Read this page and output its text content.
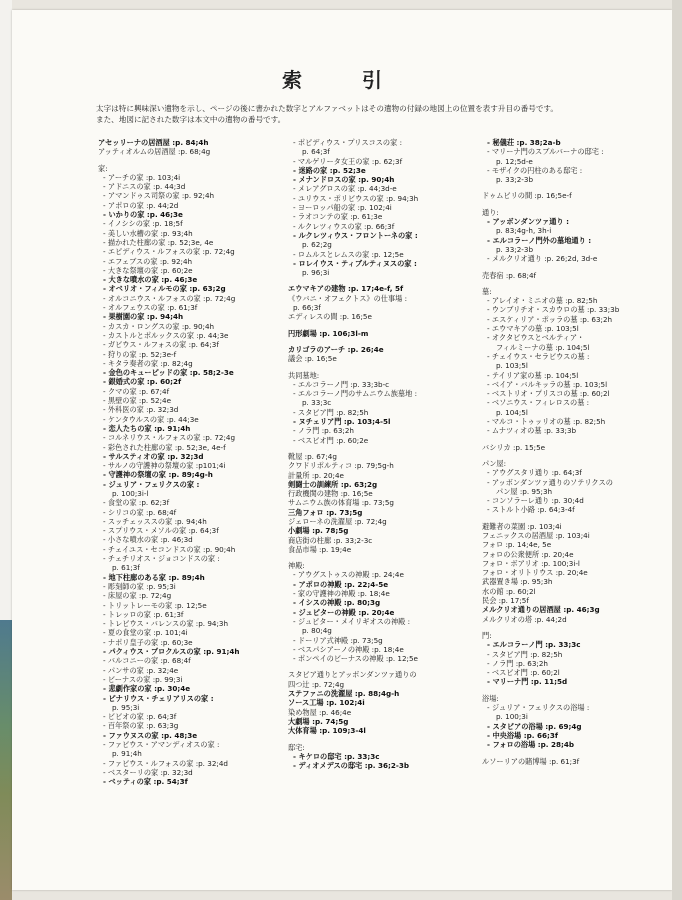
索　引

太字は特に興味深い遺物を示し、ページの後に書かれた数字とアルファベットはその遺物の付録の地図上の位置を表す升目の番号です。

また、地図に記された数字は本文中の遺物の番号です。

アセッリーナの居酒屋 :p. 84;4h
アッティオルムの居酒屋 :p. 68;4g
家:
- アーチの家 :p. 103;4i
- アドニスの家 :p. 44;3d
- アマンドゥス司祭の家 :p. 92;4h
- アポロの家 :p. 44;2d
- いかりの家 :p. 46;3e
- イノシシの家 :p. 18;5f
- 美しい水槽の家 :p. 93;4h
- 描かれた柱廊の家 :p. 52;3e, 4e
- エピディウス・ルフォスの家 :p. 72;4g
- エフェブスの家 :p. 92;4h
- 大きな祭壇の家 :p. 60;2e
- 大きな噴水の家 :p. 46;3e
- オベリオ・フィルモの家 :p. 63;2g
- オルコニウス・ルフォスの家 :p. 72;4g
- オルフェウスの家 :p. 61;3f
- 果樹園の家 :p. 94;4h
- カスカ・ロングスの家 :p. 90;4h
- カストルとポルックスの家 :p. 44;3e
- ガビウス・ルフォスの家 :p. 64;3f
- 狩りの家 :p. 52;3e-f
- キタラ奏者の家 :p. 82;4g
- 金色のキューピッドの家 :p. 58;2-3e
- 銀婚式の家 :p. 60;2f
- クマの家 :p. 67;4f
- 黒壁の家 :p. 52;4e
- 外科医の家 :p. 32;3d
- ケンタウルスの家 :p. 44;3e
- 恋人たちの家 :p. 91;4h
- コルネリウス・ルフォスの家 :p. 72;4g
- 彩色された柱廊の家 :p. 52;3e, 4e-f
- サルスティオの家 :p. 32;3d
- サルノの守護神の祭壇の家 :p101;4i
- 守護神の祭壇の家 :p. 89;4g-h
- ジュリア・フェリクスの家 :
p. 100;3i-l
- 食堂の家 :p. 62;3f
- シリコの家 :p. 68;4f
- スッチェッススの家 :p. 94;4h
- スプリウス・メソルの家 :p. 64;3f
- 小さな噴水の家 :p. 46;3d
- チェイユス・セコンドスの家 :p. 90;4h
- チェチリオス・ジョコンドスの家 :
p. 61;3f
- 地下柱廊のある家 :p. 89;4h
- 彫刻師の家 :p. 95;3i
- 床屋の家 :p. 72;4g
- トリットレーモの家 :p. 12;5e
- トレッロの家 :p. 61;3f
- トレビウス・バレンスの家 :p. 94;3h
- 夏の食堂の家 :p. 101;4i
- ナポリ皇子の家 :p. 60;3e
- パクィウス・プロクルスの家 :p. 91;4h
- バルコニーの家 :p. 68;4f
- パンサの家 :p. 32;4e
- ビーナスの家 :p. 99;3i
- 悲劇作家の家 :p. 30;4e
- ピナリウス・チェリアリスの家 :
p. 95;3i
- ビビオの家 :p. 64;3f
- 百年祭の家 :p. 63;3g
- ファウヌスの家 :p. 48;3e
- ファビウス・アマンディオスの家 :
p. 91;4h
- ファビウス・ルフォスの家 :p. 32;4d
- ベスターリの家 :p. 32;3d
- ベッティの家 :p. 54;3f
- ポピディウス・プリスコスの家 :
p. 64;3f
- マルゲリータ女王の家 :p. 62;3f
- 迷路の家 :p. 52;3e
- メナンドロスの家 :p. 90;4h
- メレアグロスの家 :p. 44;3d-e
- ユリウス・ポリビウスの家 :p. 94;3h
- ヨーロッパ船の家 :p. 102;4i
- ラオコンテの家 :p. 61;3e
- ルクレツィウスの家 :p. 66;3f
- ルクレツィウス・フロントーネの家 :
p. 62;2g
- ロムルスとレムスの家 :p. 12;5e
- ロレイウス・ティブルティヌスの家 :
p. 96;3i
エウマキアの建物 :p. 17;4e-f, 5f
《ウバニ・オフェクトス》の仕事場 :
p. 66;3f
エディレスの間 :p. 16;5e
円形劇場 :p. 106;3l-m
カリゴラのアーチ :p. 26;4e
議会 :p. 16;5e
共同墓地:
- エルコラーノ門 :p. 33;3b-c
- エルコラーノ門のサムニウム族墓地 :
p. 33;3c
- スタビア門 :p. 82;5h
- ヌチェリア門 :p. 103;4-5l
- ノラ門 :p. 63;2h
- ベスビオ門 :p. 60;2e
靴屋 :p. 67;4g
クワドリポルティコ :p. 79;5g-h
計量所 :p. 20;4e
剣闘士の訓練所 :p. 63;2g
行政機関の建物 :p. 16;5e
サムニウム族の体育場 :p. 73;5g
三角フォロ :p. 73;5g
ジェローネの洗濯屋 :p. 72;4g
小劇場 :p. 78;5g
商店街の柱廊 :p. 33;2-3c
食品市場 :p. 19;4e
神殿:
- アウグストゥスの神殿 :p. 24;4e
- アポロの神殿 :p. 22;4-5e
- 家の守護神の神殿 :p. 18;4e
- イシスの神殿 :p. 80;3g
- ジュピターの神殿 :p. 20;4e
- ジュピター・メイリギオスの神殿 :
p. 80;4g
- ドーリア式神殿 :p. 73;5g
- ベスパシアーノの神殿 :p. 18;4e
- ポンペイのビーナスの神殿 :p. 12;5e
スタビア通りとアッボンダンツァ通りの
四つ辻 :p. 72;4g
ステファニの洗濯屋 :p. 88;4g-h
ソース工場 :p. 102;4i
染め物屋 :p. 46;4e
大劇場 :p. 74;5g
大体育場 :p. 109;3-4l
邸宅:
- キケロの邸宅 :p. 33;3c
- ディオメデスの邸宅 :p. 36;2-3b
- 秘儀荘 :p. 38;2a-b
- マリーナ門のスブルバーナの邸宅 :
p. 12;5d-e
- モザイクの円柱のある邸宅 :
p. 33;2-3b
ドゥムビリの間 :p. 16;5e-f
通り:
- アッボンダンツァ通り :
p. 83;4g-h, 3h-i
- エルコラーノ門外の墓地通り :
p. 33;2-3b
- メルクリオ通り :p. 26;2d, 3d-e
売春宿 :p. 68;4f
墓:
- アレイオ・ミニオの墓 :p. 82;5h
- ウンブリチオ・スカウロの墓 :p. 33;3b
- エスケィリア・ポッラの墓 :p. 63;2h
- エウマキアの墓 :p. 103;5l
- オクタビウスとベルティア・
フィルミーナの墓 :p. 104;5l
- チェイウス・セラビウスの墓 :
p. 103;5l
- テイリア家の墓 :p. 104;5l
- ベイア・バルキッラの墓 :p. 103;5l
- ベストリオ・プリスコの墓 :p. 60;2l
- ベソニウス・フィレロスの墓 :
p. 104;5l
- マルコ・トゥッリオの墓 :p. 82;5h
- ムナツィオの墓 :p. 33;3b
バシリカ :p. 15;5e
パン屋:
- アウグスタリ通り :p. 64;3f
- アッボンダンツァ通りのソテリクスの
パン屋 :p. 95;3h
- コンソラーレ通り :p. 30;4d
- ストルト小路 :p. 64;3-4f
避難者の菜園 :p. 103;4i
フェニックスの居酒屋 :p. 103;4i
フォロ :p. 14;4e, 5e
フォロの公衆便所 :p. 20;4e
フォロ・ボアリオ :p. 100;3i-l
フォロ・オリトリウス :p. 20;4e
武器置き場 :p. 95;3h
水の館 :p. 60;2l
民会 :p. 17;5f
メルクリオ通りの居酒屋 :p. 46;3g
メルクリオの塔 :p. 44;2d
門:
- エルコラーノ門 :p. 33;3c
- スタビア門 :p. 82;5h
- ノラ門 :p. 63;2h
- ベスビオ門 :p. 60;2l
- マリーナ門 :p. 11;5d
浴場:
- ジュリア・フェリクスの浴場 :
p. 100;3i
- スタビアの浴場 :p. 69;4g
- 中央浴場 :p. 66;3f
- フォロの浴場 :p. 28;4b
ルソーリアの賭博場 :p. 61;3f
